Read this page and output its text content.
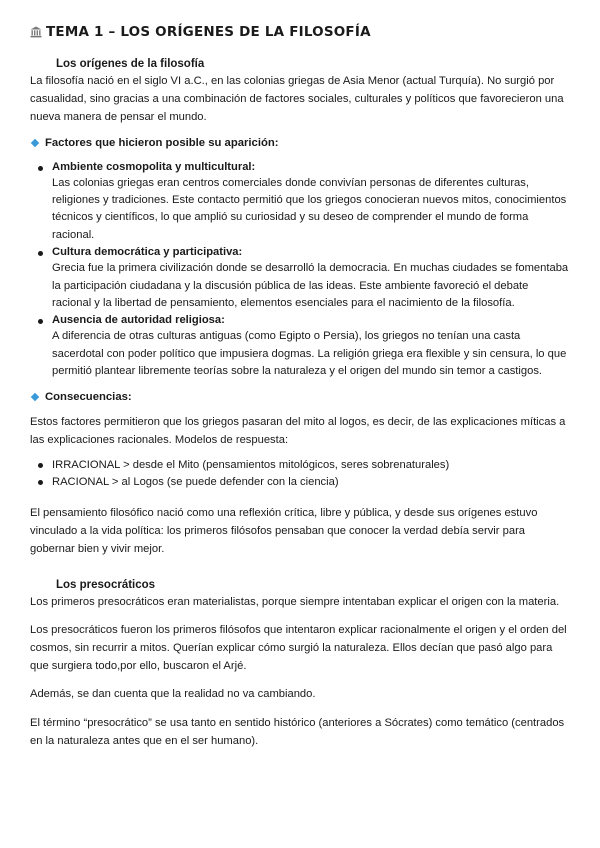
TEMA 1 – LOS ORÍGENES DE LA FILOSOFÍA
Los orígenes de la filosofía

La filosofía nació en el siglo VI a.C., en las colonias griegas de Asia Menor (actual Turquía). No surgió por casualidad, sino gracias a una combinación de factores sociales, culturales y políticos que favorecieron una nueva manera de pensar el mundo.

Factores que hicieron posible su aparición:
Ambiente cosmopolita y multicultural:
Las colonias griegas eran centros comerciales donde convivían personas de diferentes culturas, religiones y tradiciones. Este contacto permitió que los griegos conocieran nuevos mitos, conocimientos técnicos y científicos, lo que amplió su curiosidad y su deseo de comprender el mundo de forma racional.
Cultura democrática y participativa:
Grecia fue la primera civilización donde se desarrolló la democracia. En muchas ciudades se fomentaba la participación ciudadana y la discusión pública de las ideas. Este ambiente favoreció el debate racional y la libertad de pensamiento, elementos esenciales para el nacimiento de la filosofía.
Ausencia de autoridad religiosa:
A diferencia de otras culturas antiguas (como Egipto o Persia), los griegos no tenían una casta sacerdotal con poder político que impusiera dogmas. La religión griega era flexible y sin censura, lo que permitió plantear libremente teorías sobre la naturaleza y el origen del mundo sin temor a castigos.
Consecuencias:

Estos factores permitieron que los griegos pasaran del mito al logos, es decir, de las explicaciones míticas a las explicaciones racionales. Modelos de respuesta:

IRRACIONAL > desde el Mito (pensamientos mitológicos, seres sobrenaturales)
RACIONAL > al Logos (se puede defender con la ciencia)

El pensamiento filosófico nació como una reflexión crítica, libre y pública, y desde sus orígenes estuvo vinculado a la vida política: los primeros filósofos pensaban que conocer la verdad debía servir para gobernar bien y vivir mejor.

Los presocráticos

Los primeros presocráticos eran materialistas, porque siempre intentaban explicar el origen con la materia.

Los presocráticos fueron los primeros filósofos que intentaron explicar racionalmente el origen y el orden del cosmos, sin recurrir a mitos. Querían explicar cómo surgió la naturaleza. Ellos decían que pasó algo para que surgiera todo,por ello, buscaron el Arjé.

Además, se dan cuenta que la realidad no va cambiando.

El término “presocrático” se usa tanto en sentido histórico (anteriores a Sócrates) como temático (centrados en la naturaleza antes que en el ser humano).
